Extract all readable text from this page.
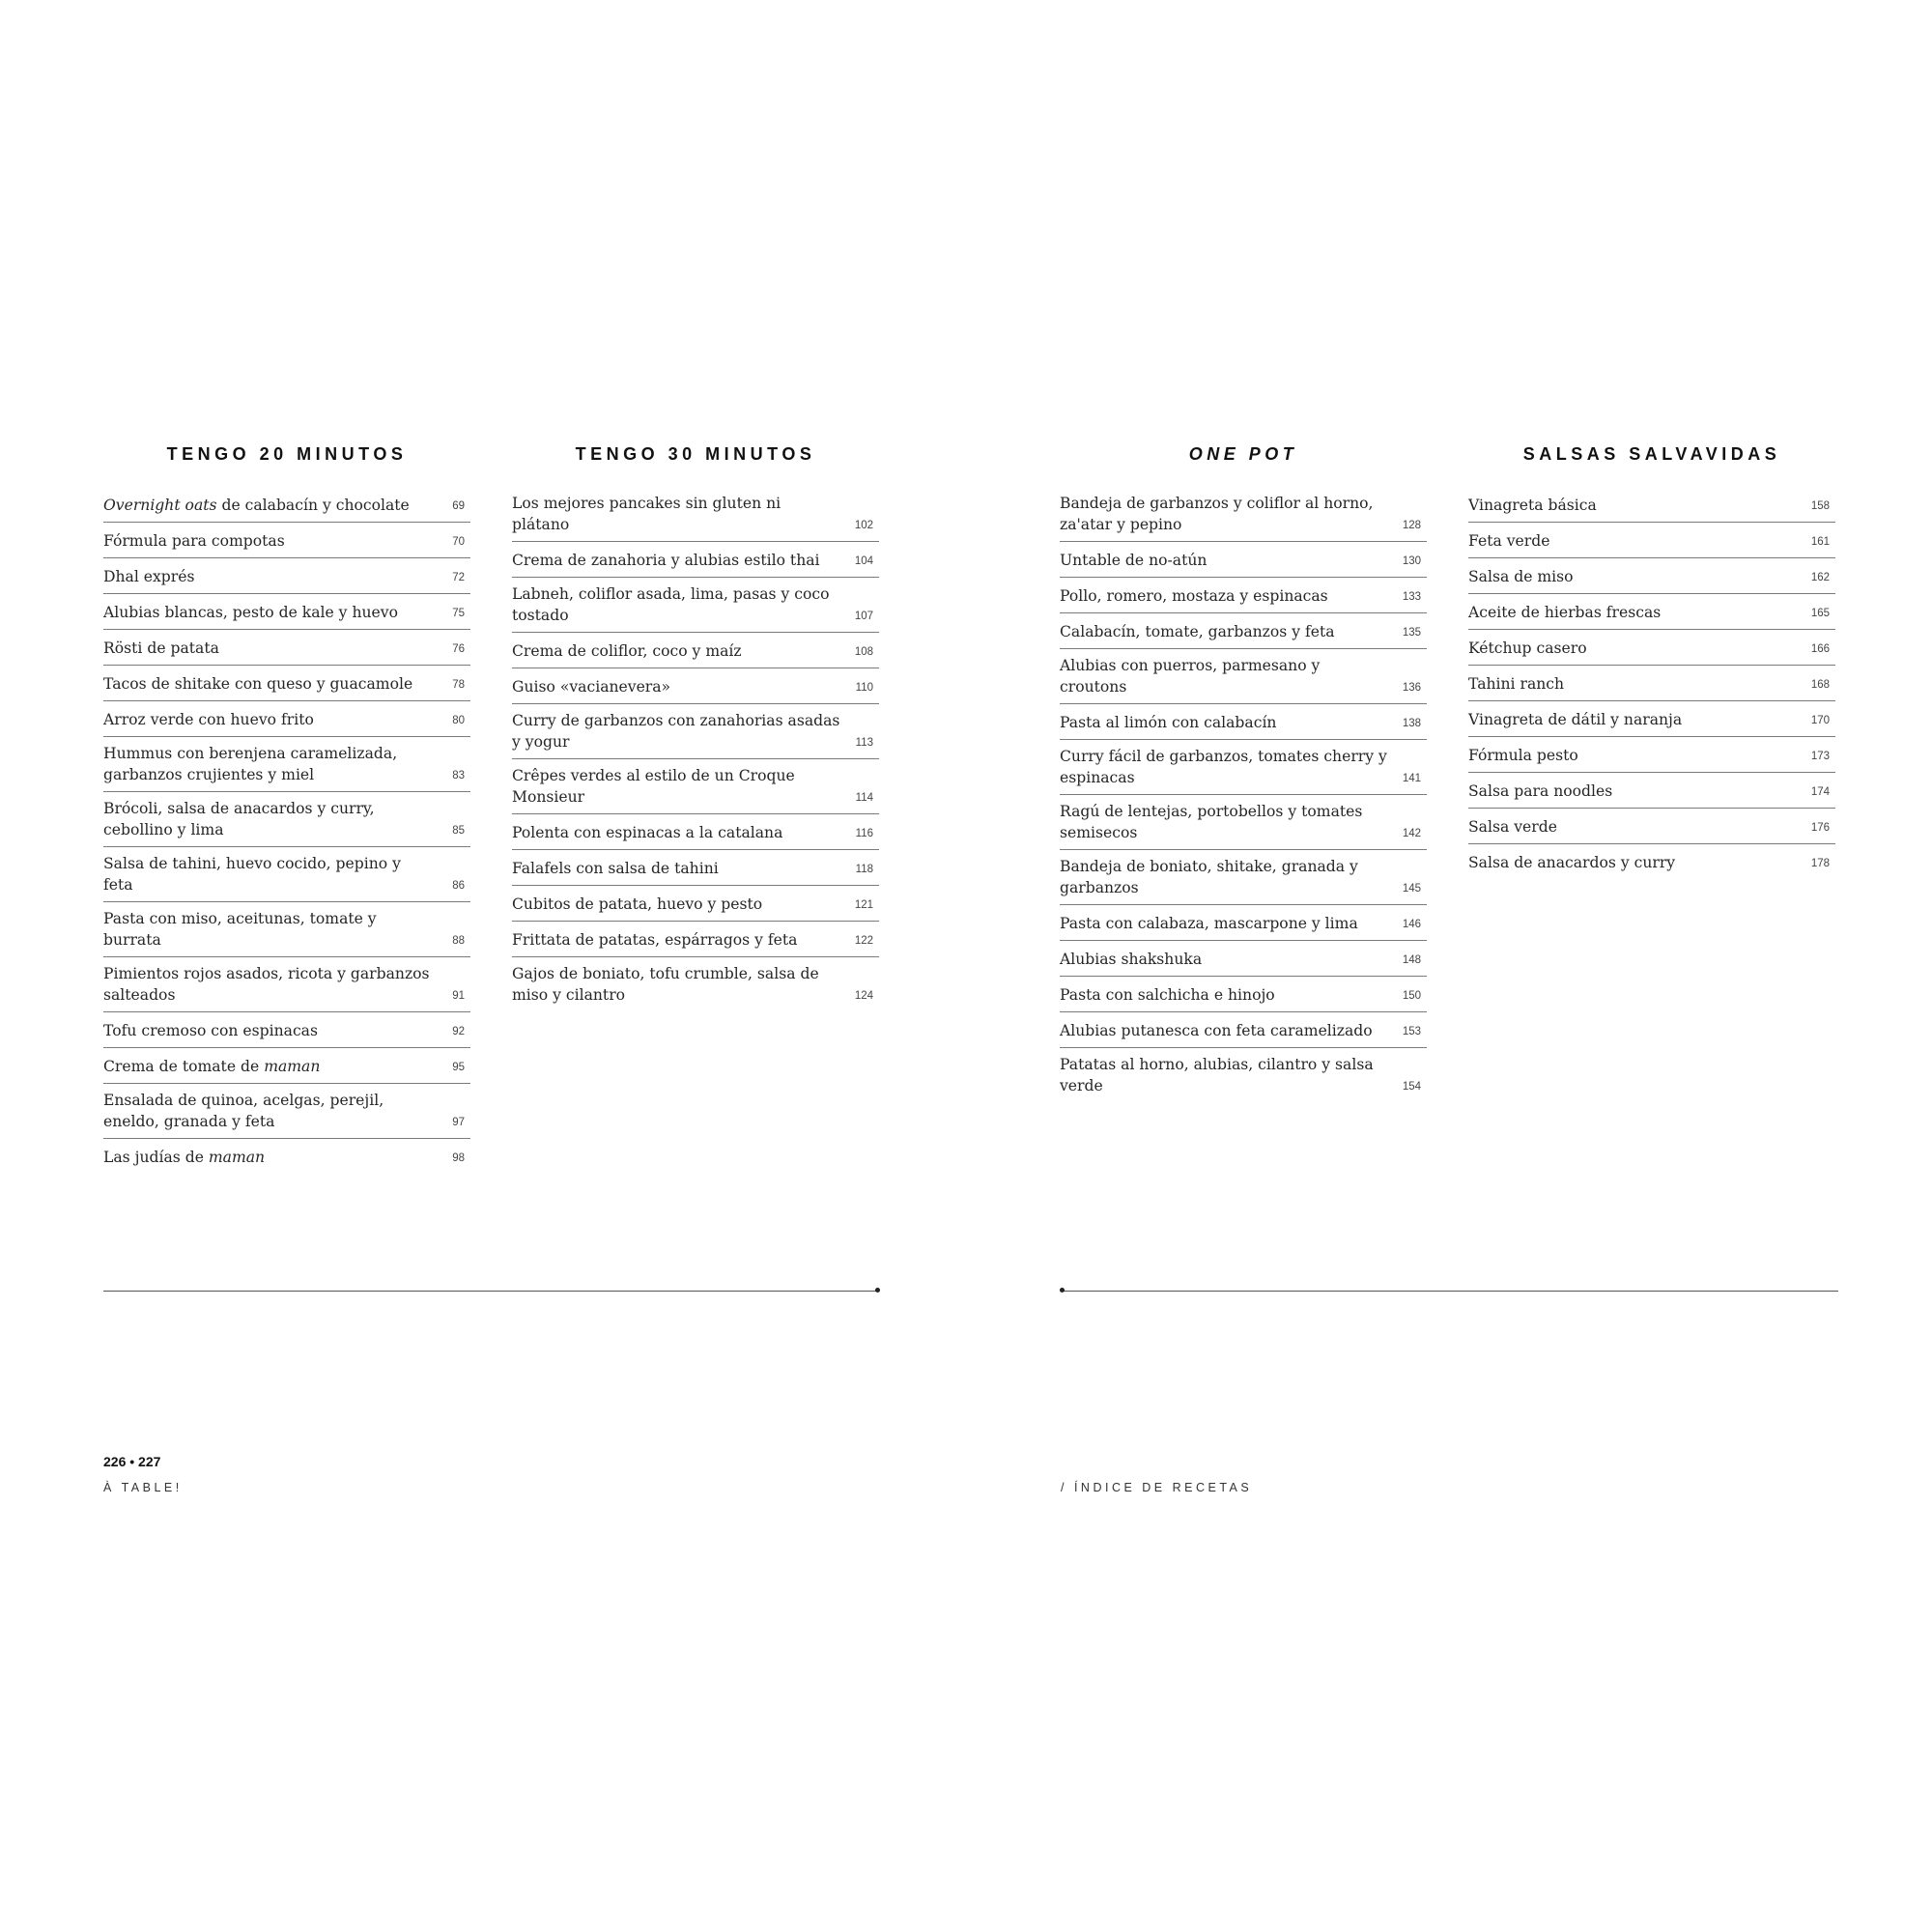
TENGO 20 MINUTOS
Overnight oats de calabacín y chocolate	69
Fórmula para compotas	70
Dhal exprés	72
Alubias blancas, pesto de kale y huevo	75
Rösti de patata	76
Tacos de shitake con queso y guacamole	78
Arroz verde con huevo frito	80
Hummus con berenjena caramelizada, garbanzos crujientes y miel	83
Brócoli, salsa de anacardos y curry, cebollino y lima	85
Salsa de tahini, huevo cocido, pepino y feta	86
Pasta con miso, aceitunas, tomate y burrata	88
Pimientos rojos asados, ricota y garbanzos salteados	91
Tofu cremoso con espinacas	92
Crema de tomate de maman	95
Ensalada de quinoa, acelgas, perejil, eneldo, granada y feta	97
Las judías de maman	98
TENGO 30 MINUTOS
Los mejores pancakes sin gluten ni plátano	102
Crema de zanahoria y alubias estilo thai	104
Labneh, coliflor asada, lima, pasas y coco tostado	107
Crema de coliflor, coco y maíz	108
Guiso «vacianevera»	110
Curry de garbanzos con zanahorias asadas y yogur	113
Crêpes verdes al estilo de un Croque Monsieur	114
Polenta con espinacas a la catalana	116
Falafels con salsa de tahini	118
Cubitos de patata, huevo y pesto	121
Frittata de patatas, espárragos y feta	122
Gajos de boniato, tofu crumble, salsa de miso y cilantro	124
ONE POT
Bandeja de garbanzos y coliflor al horno, za'atar y pepino	128
Untable de no-atún	130
Pollo, romero, mostaza y espinacas	133
Calabacín, tomate, garbanzos y feta	135
Alubias con puerros, parmesano y croutons	136
Pasta al limón con calabacín	138
Curry fácil de garbanzos, tomates cherry y espinacas	141
Ragú de lentejas, portobellos y tomates semisecos	142
Bandeja de boniato, shitake, granada y garbanzos	145
Pasta con calabaza, mascarpone y lima	146
Alubias shakshuka	148
Pasta con salchicha e hinojo	150
Alubias putanesca con feta caramelizado	153
Patatas al horno, alubias, cilantro y salsa verde	154
SALSAS SALVAVIDAS
Vinagreta básica	158
Feta verde	161
Salsa de miso	162
Aceite de hierbas frescas	165
Kétchup casero	166
Tahini ranch	168
Vinagreta de dátil y naranja	170
Fórmula pesto	173
Salsa para noodles	174
Salsa verde	176
Salsa de anacardos y curry	178
226 • 227
À TABLE!	/ ÍNDICE DE RECETAS
